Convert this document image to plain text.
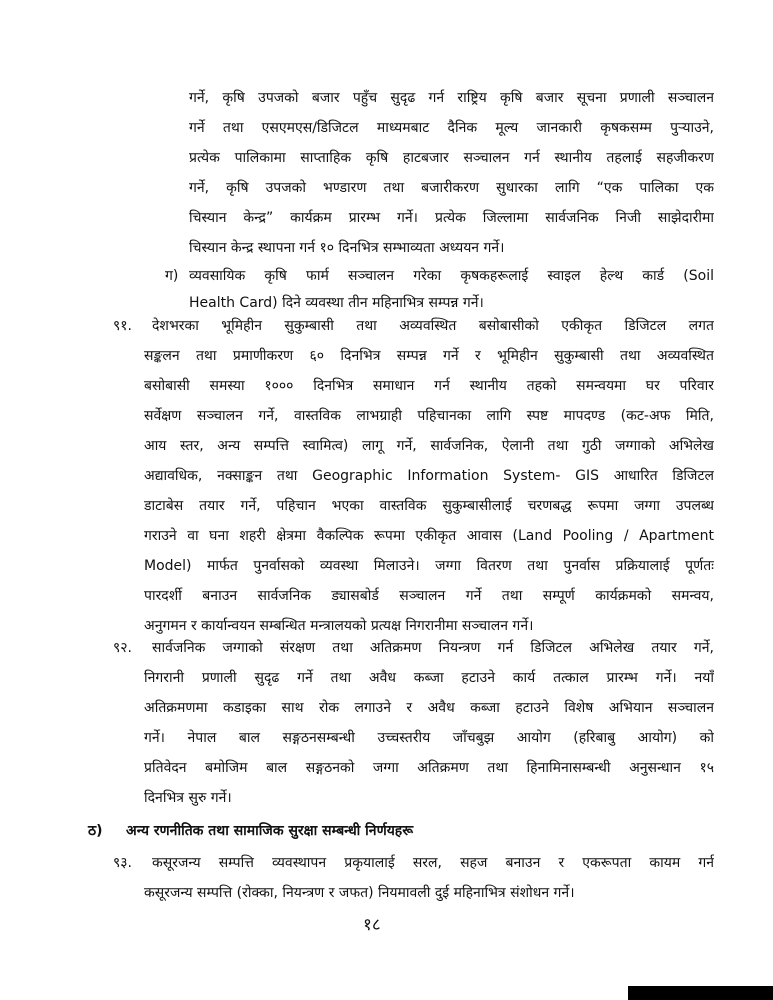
गर्ने, कृषि उपजको बजार पहुँच सुदृढ गर्न राष्ट्रिय कृषि बजार सूचना प्रणाली सञ्चालन
गर्ने तथा एसएमएस/डिजिटल माध्यमबाट दैनिक मूल्य जानकारी कृषकसम्म पुऱ्याउने,
प्रत्येक पालिकामा साप्ताहिक कृषि हाटबजार सञ्चालन गर्न स्थानीय तहलाई सहजीकरण
गर्ने, कृषि उपजको भण्डारण तथा बजारीकरण सुधारका लागि “एक पालिका एक
चिस्यान केन्द्र” कार्यक्रम प्रारम्भ गर्ने। प्रत्येक जिल्लामा सार्वजनिक निजी साझेदारीमा
चिस्यान केन्द्र स्थापना गर्न १० दिनभित्र सम्भाव्यता अध्ययन गर्ने।
ग) व्यवसायिक कृषि फार्म सञ्चालन गरेका कृषकहरूलाई स्वाइल हेल्थ कार्ड (Soil
Health Card) दिने व्यवस्था तीन महिनाभित्र सम्पन्न गर्ने।
९१. देशभरका भूमिहीन सुकुम्बासी तथा अव्यवस्थित बसोबासीको एकीकृत डिजिटल लगत
सङ्कलन तथा प्रमाणीकरण ६० दिनभित्र सम्पन्न गर्ने र भूमिहीन सुकुम्बासी तथा अव्यवस्थित
बसोबासी समस्या १००० दिनभित्र समाधान गर्न स्थानीय तहको समन्वयमा घर परिवार
सर्वेक्षण सञ्चालन गर्ने, वास्तविक लाभग्राही पहिचानका लागि स्पष्ट मापदण्ड (कट-अफ मिति,
आय स्तर, अन्य सम्पत्ति स्वामित्व) लागू गर्ने, सार्वजनिक, ऐलानी तथा गुठी जग्गाको अभिलेख
अद्यावधिक, नक्साङ्कन तथा Geographic Information System- GIS आधारित डिजिटल
डाटाबेस तयार गर्ने, पहिचान भएका वास्तविक सुकुम्बासीलाई चरणबद्ध रूपमा जग्गा उपलब्ध
गराउने वा घना शहरी क्षेत्रमा वैकल्पिक रूपमा एकीकृत आवास (Land Pooling / Apartment
Model) मार्फत पुनर्वासको व्यवस्था मिलाउने। जग्गा वितरण तथा पुनर्वास प्रक्रियालाई पूर्णतः
पारदर्शी बनाउन सार्वजनिक ड्यासबोर्ड सञ्चालन गर्ने तथा सम्पूर्ण कार्यक्रमको समन्वय,
अनुगमन र कार्यान्वयन सम्बन्धित मन्त्रालयको प्रत्यक्ष निगरानीमा सञ्चालन गर्ने।
९२. सार्वजनिक जग्गाको संरक्षण तथा अतिक्रमण नियन्त्रण गर्न डिजिटल अभिलेख तयार गर्ने,
निगरानी प्रणाली सुदृढ गर्ने तथा अवैध कब्जा हटाउने कार्य तत्काल प्रारम्भ गर्ने। नयाँ
अतिक्रमणमा कडाइका साथ रोक लगाउने र अवैध कब्जा हटाउने विशेष अभियान सञ्चालन
गर्ने। नेपाल बाल सङ्गठनसम्बन्धी उच्चस्तरीय जाँचबुझ आयोग (हरिबाबु आयोग) को
प्रतिवेदन बमोजिम बाल सङ्गठनको जग्गा अतिक्रमण तथा हिनामिनासम्बन्धी अनुसन्धान १५
दिनभित्र सुरु गर्ने।
ठ) अन्य रणनीतिक तथा सामाजिक सुरक्षा सम्बन्धी निर्णयहरू
९३. कसूरजन्य सम्पत्ति व्यवस्थापन प्रकृयालाई सरल, सहज बनाउन र एकरूपता कायम गर्न
कसूरजन्य सम्पत्ति (रोक्का, नियन्त्रण र जफत) नियमावली दुई महिनाभित्र संशोधन गर्ने।
१८
